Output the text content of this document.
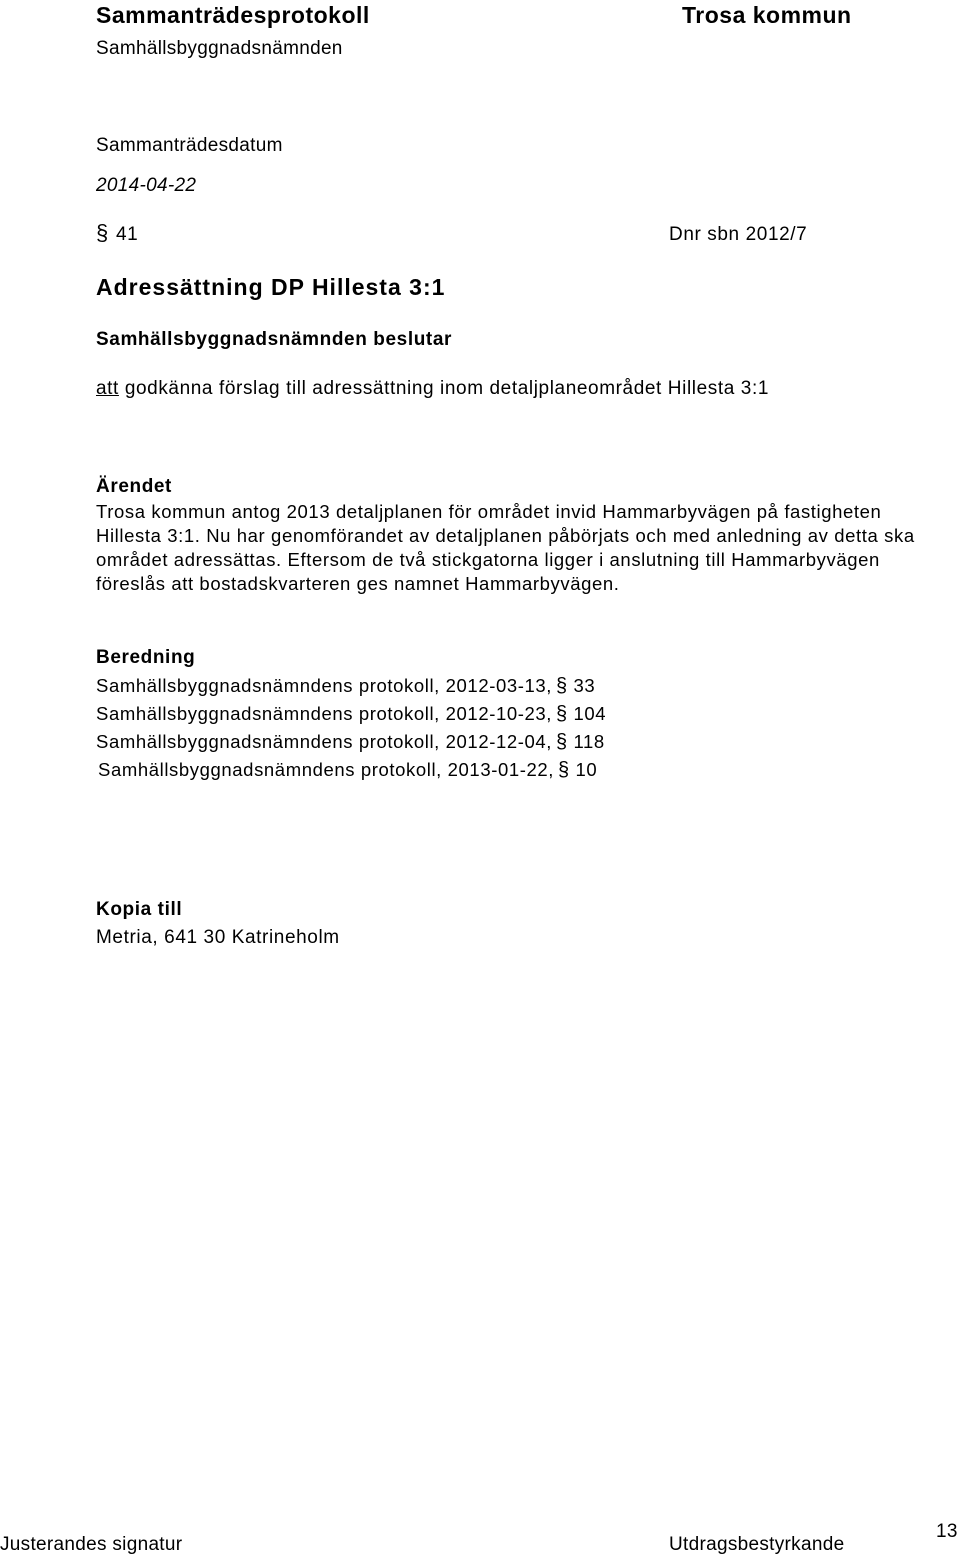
Sammanträdesprotokoll	Trosa kommun
Samhällsbyggnadsnämnden
Sammanträdesdatum
2014-04-22
§ 41	Dnr sbn 2012/7
Adressättning DP Hillesta 3:1
Samhällsbyggnadsnämnden beslutar
att godkänna förslag till adressättning inom detaljplaneområdet Hillesta 3:1
Ärendet
Trosa kommun antog 2013 detaljplanen för området invid Hammarbyvägen på fastigheten Hillesta 3:1. Nu har genomförandet av detaljplanen påbörjats och med anledning av detta ska området adressättas. Eftersom de två stickgatorna ligger i anslutning till Hammarbyvägen föreslås att bostadskvarteren ges namnet Hammarbyvägen.
Beredning
Samhällsbyggnadsnämndens protokoll, 2012-03-13, § 33
Samhällsbyggnadsnämndens protokoll, 2012-10-23, § 104
Samhällsbyggnadsnämndens protokoll, 2012-12-04, § 118
Samhällsbyggnadsnämndens protokoll, 2013-01-22, § 10
Kopia till
Metria, 641 30 Katrineholm
Justerandes signatur	Utdragsbestyrkande
13
